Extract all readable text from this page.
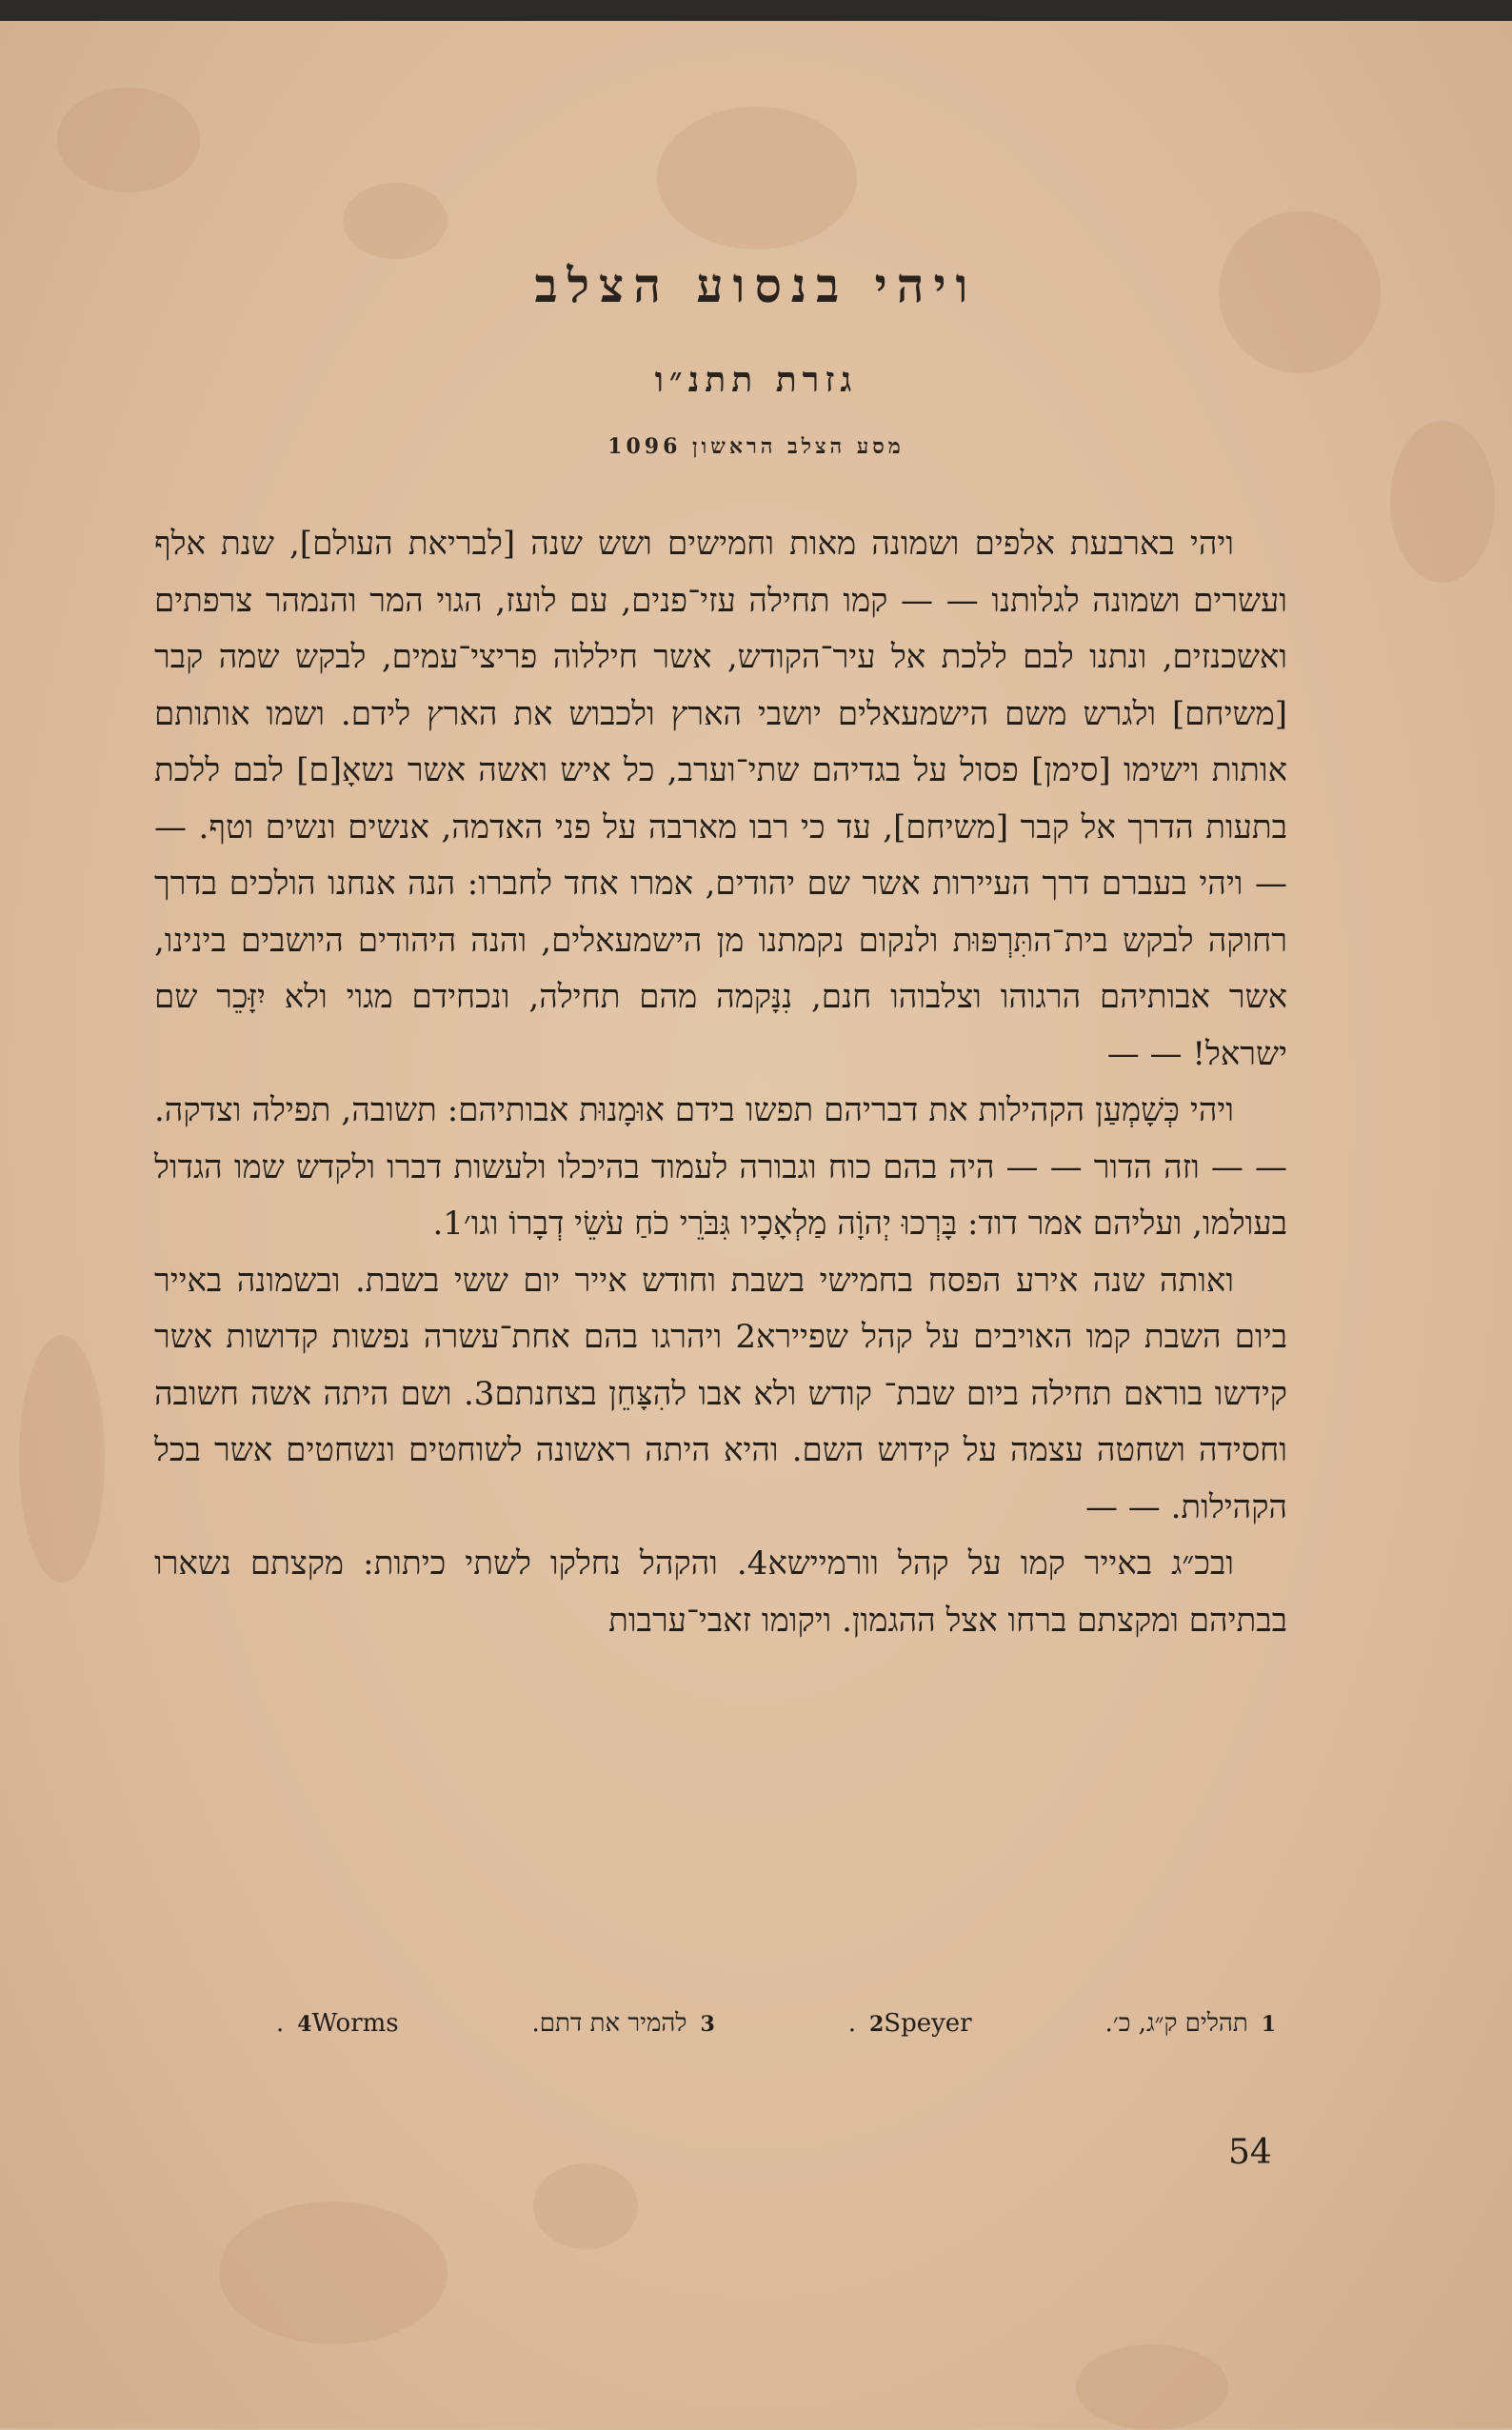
ויהי בנסוע הצלב
גזרת תתנ״ו
מסע הצלב הראשון 1096

ויהי בארבעת אלפים ושמונה מאות וחמישים ושש שנה [לבריאת העולם], שנת אלף ועשרים ושמונה לגלותנו — — קמו תחילה עזי־פנים, עם לועז, הגוי המר והנמהר צרפתים ואשכנזים, ונתנו לבם ללכת אל עיר־הקודש, אשר חיללוה פריצי־עמים, לבקש שמה קבר [משיחם] ולגרש משם הישמעאלים יושבי הארץ ולכבוש את הארץ לידם. ושמו אותותם אותות וישימו [סימן] פסול על בגדיהם שתי־וערב, כל איש ואשה אשר נשאָ[ם] לבם ללכת בתעות הדרך אל קבר [משיחם], עד כי רבו מארבה על פני האדמה, אנשים ונשים וטף. — — ויהי בעברם דרך העיירות אשר שם יהודים, אמרו אחד לחברו: הנה אנחנו הולכים בדרך רחוקה לבקש בית־התִּרְפּוּת ולנקום נקמתנו מן הישמעאלים, והנה היהודים היושבים בינינו, אשר אבותיהם הרגוהו וצלבוהו חנם, נִנָּקמה מהם תחילה, ונכחידם מגוי ולא יִזָּכֵר שם ישראל! — —

ויהי כְּשָׁמְעַן הקהילות את דבריהם תפשו בידם אוּמָנוּת אבותיהם: תשובה, תפילה וצדקה. — — וזה הדור — — היה בהם כוח וגבורה לעמוד בהיכלו ולעשות דברו ולקדש שמו הגדול בעולמו, ועליהם אמר דוד: בָּרְכוּ יְהוָֹה מַלְאָכָיו גִּבֹּרֵי כֹחַ עֹשֵׂי דְבָרוֹ וגו׳1.

ואותה שנה אירע הפסח בחמישי בשבת וחודש אייר יום ששי בשבת. ובשמונה באייר ביום השבת קמו האויבים על קהל שפיירא2 ויהרגו בהם אחת־עשרה נפשות קדושות אשר קידשו בוראם תחילה ביום שבת־ קודש ולא אבו להִצָּחֵן בצחנתם3. ושם היתה אשה חשובה וחסידה ושחטה עצמה על קידוש השם. והיא היתה ראשונה לשוחטים ונשחטים אשר בכל הקהילות. — —

ובכ״ג באייר קמו על קהל וורמיישא4. והקהל נחלקו לשתי כיתות: מקצתם נשארו בבתיהם ומקצתם ברחו אצל ההגמון. ויקומו זאבי־ערבות

1תהלים ק״ג, כ׳.
2Speyer.
3להמיר את דתם.
4Worms.
54
